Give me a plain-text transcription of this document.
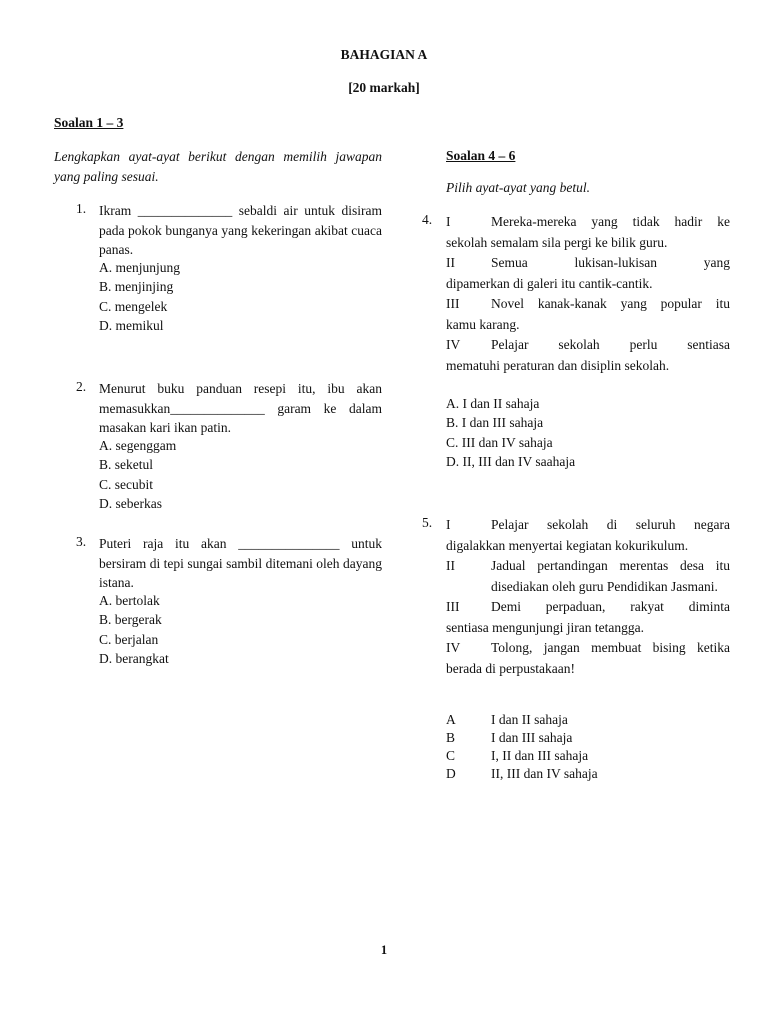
BAHAGIAN A
[20 markah]
Soalan 1 – 3
Lengkapkan ayat-ayat berikut dengan memilih jawapan yang paling sesuai.
1. Ikram ______________ sebaldi air untuk disiram pada pokok bunganya yang kekeringan akibat cuaca panas.
A. menjunjung
B. menjinjing
C. mengelek
D. memikul
2. Menurut buku panduan resepi itu, ibu akan memasukkan______________ garam ke dalam masakan kari ikan patin.
A. segenggam
B. seketul
C. secubit
D. seberkas
3. Puteri raja itu akan _______________ untuk bersiram di tepi sungai sambil ditemani oleh dayang istana.
A. bertolak
B. bergerak
C. berjalan
D. berangkat
Soalan 4 – 6
Pilih ayat-ayat yang betul.
4. I	Mereka-mereka yang tidak hadir ke
sekolah semalam sila pergi ke bilik guru.
II	Semua lukisan-lukisan yang
dipamerkan di galeri itu cantik-cantik.
III	Novel kanak-kanak yang popular itu
kamu karang.
IV	Pelajar sekolah perlu sentiasa
mematuhi peraturan dan disiplin sekolah.
A. I dan II sahaja
B. I dan III sahaja
C. III dan IV sahaja
D. II, III dan IV saahaja
5. I	Pelajar sekolah di seluruh negara
digalakkan menyertai kegiatan kokurikulum.
II	Jadual pertandingan merentas desa itu disediakan oleh guru Pendidikan Jasmani.
III	Demi perpaduan, rakyat diminta
sentiasa mengunjungi jiran tetangga.
IV	Tolong, jangan membuat bising ketika
berada di perpustakaan!
A	I dan II sahaja
B	I dan III sahaja
C	I, II dan III sahaja
D	II, III dan IV sahaja
1
